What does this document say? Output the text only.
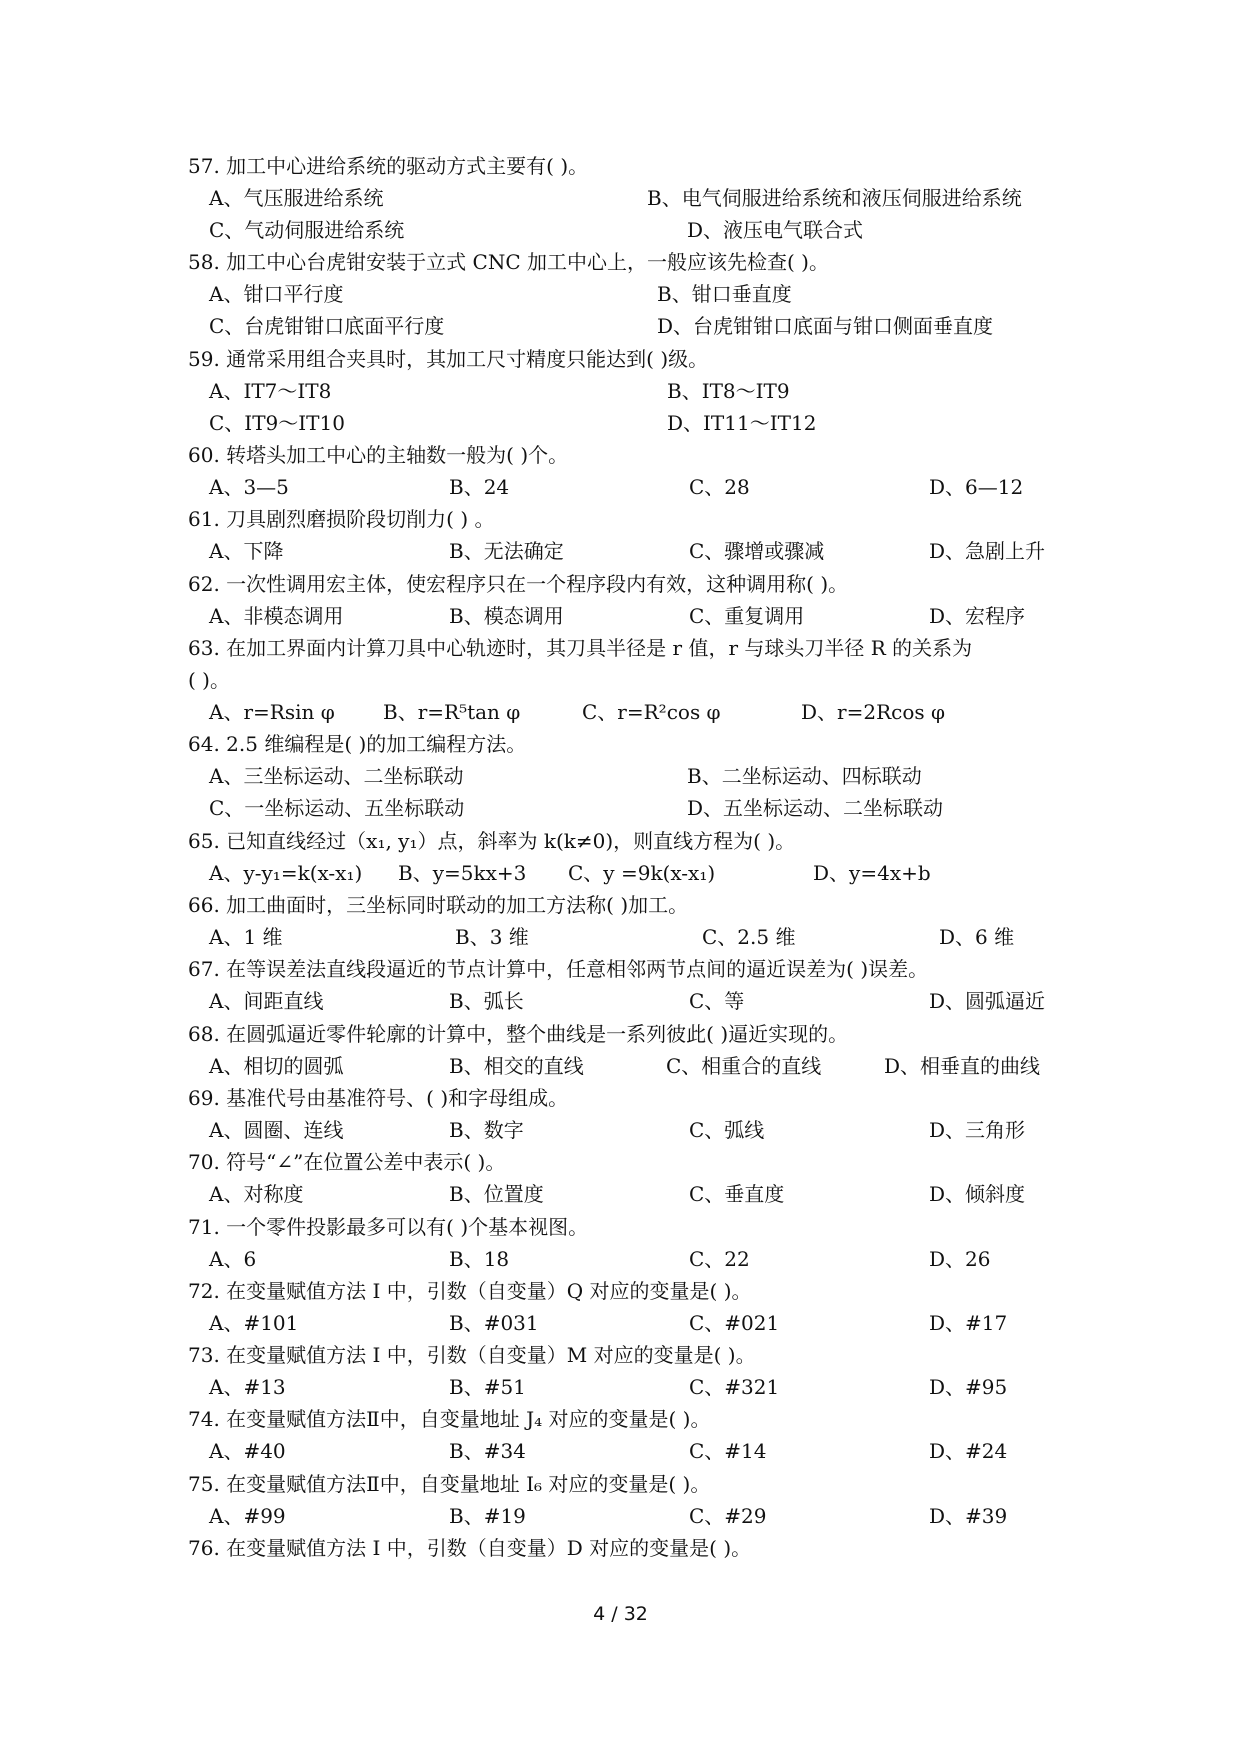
57. 加工中心进给系统的驱动方式主要有( )。
A、气压服进给系统	B、电气伺服进给系统和液压伺服进给系统
C、气动伺服进给系统	D、液压电气联合式
58. 加工中心台虎钳安装于立式 CNC 加工中心上，一般应该先检查( )。
A、钳口平行度	B、钳口垂直度
C、台虎钳钳口底面平行度	D、台虎钳钳口底面与钳口侧面垂直度
59. 通常采用组合夹具时，其加工尺寸精度只能达到( )级。
A、IT7～IT8	B、IT8～IT9
C、IT9～IT10	D、IT11～IT12
60. 转塔头加工中心的主轴数一般为( )个。
A、3—5	B、24	C、28	D、6—12
61. 刀具剧烈磨损阶段切削力( ) 。
A、下降	B、无法确定	C、骤增或骤减	D、急剧上升
62. 一次性调用宏主体，使宏程序只在一个程序段内有效，这种调用称( )。
A、非模态调用	B、模态调用	C、重复调用	D、宏程序
63. 在加工界面内计算刀具中心轨迹时，其刀具半径是 r 值，r 与球头刀半径 R 的关系为
( )。
A、r=Rsin φ B、r=R⁵tan φ	C、r=R²cos φ	D、r=2Rcos φ
64. 2.5 维编程是( )的加工编程方法。
A、三坐标运动、二坐标联动	B、二坐标运动、四标联动
C、一坐标运动、五坐标联动	D、五坐标运动、二坐标联动
65. 已知直线经过（x₁, y₁）点，斜率为 k(k≠0)，则直线方程为( )。
A、y-y₁=k(x-x₁) B、y=5kx+3 C、y =9k(x-x₁)	D、y=4x+b
66. 加工曲面时，三坐标同时联动的加工方法称( )加工。
A、1 维	B、3 维	C、2.5 维	D、6 维
67. 在等误差法直线段逼近的节点计算中，任意相邻两节点间的逼近误差为( )误差。
A、间距直线	B、弧长	C、等	D、圆弧逼近
68. 在圆弧逼近零件轮廓的计算中，整个曲线是一系列彼此( )逼近实现的。
A、相切的圆弧	B、相交的直线	C、相重合的直线	D、相垂直的曲线
69. 基准代号由基准符号、( )和字母组成。
A、圆圈、连线	B、数字	C、弧线	D、三角形
70. 符号“∠”在位置公差中表示( )。
A、对称度	B、位置度	C、垂直度	D、倾斜度
71. 一个零件投影最多可以有( )个基本视图。
A、6	B、18	C、22	D、26
72. 在变量赋值方法 I 中，引数（自变量）Q 对应的变量是( )。
A、#101	B、#031	C、#021	D、#17
73. 在变量赋值方法 I 中，引数（自变量）M 对应的变量是( )。
A、#13	B、#51	C、#321	D、#95
74. 在变量赋值方法Ⅱ中，自变量地址 J₄ 对应的变量是( )。
A、#40	B、#34	C、#14	D、#24
75. 在变量赋值方法Ⅱ中，自变量地址 I₆ 对应的变量是( )。
A、#99	B、#19	C、#29	D、#39
76. 在变量赋值方法 I 中，引数（自变量）D 对应的变量是( )。
4 / 32
